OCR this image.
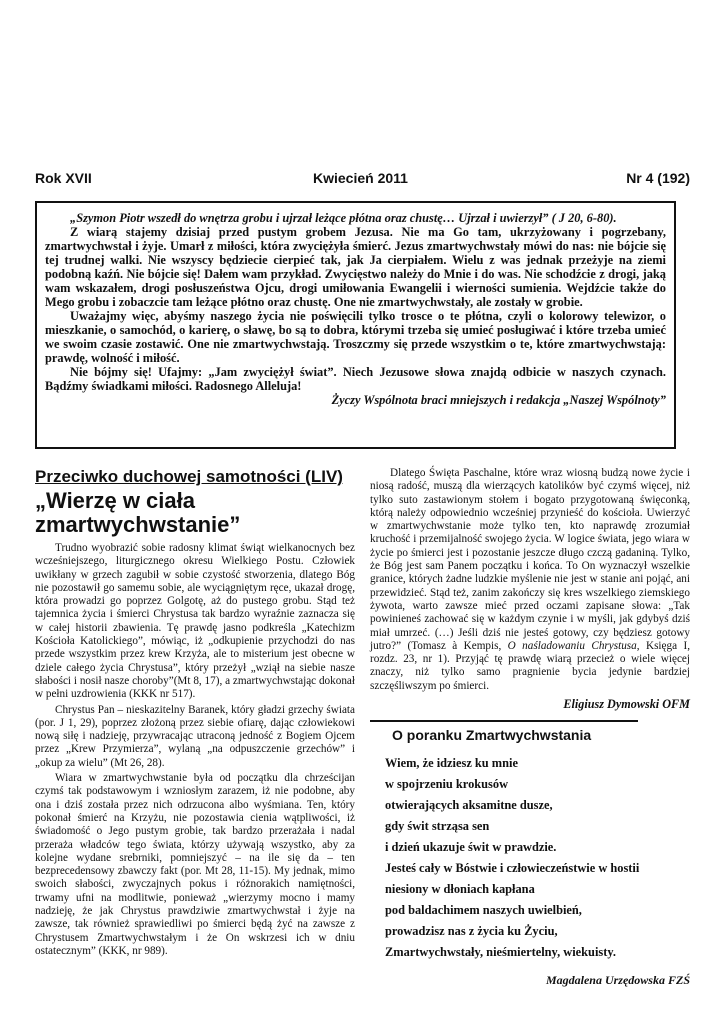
Rok XVII	Kwiecień 2011	Nr 4 (192)

„Szymon Piotr wszedł do wnętrza grobu i ujrzał leżące płótna oraz chustę… Ujrzał i uwierzył” ( J 20, 6-80).

Z wiarą stajemy dzisiaj przed pustym grobem Jezusa. Nie ma Go tam, ukrzyżowany i pogrzebany, zmartwychwstał i żyje. Umarł z miłości, która zwyciężyła śmierć. Jezus zmartwychwstały mówi do nas: nie bójcie się tej trudnej walki. Nie wszyscy będziecie cierpieć tak, jak Ja cierpiałem. Wielu z was jednak przeżyje na ziemi podobną kaźń. Nie bójcie się! Dałem wam przykład. Zwycięstwo należy do Mnie i do was. Nie schodźcie z drogi, jaką wam wskazałem, drogi posłuszeństwa Ojcu, drogi umiłowania Ewangelii i wierności sumienia. Wejdźcie także do Mego grobu i zobaczcie tam leżące płótno oraz chustę. One nie zmartwychwstały, ale zostały w grobie.

Uważajmy więc, abyśmy naszego życia nie poświęcili tylko trosce o te płótna, czyli o kolorowy telewizor, o mieszkanie, o samochód, o karierę, o sławę, bo są to dobra, którymi trzeba się umieć posługiwać i które trzeba umieć we swoim czasie zostawić. One nie zmartwychwstają. Troszczmy się przede wszystkim o te, które zmartwychwstają: prawdę, wolność i miłość.

Nie bójmy się! Ufajmy: „Jam zwyciężył świat”. Niech Jezusowe słowa znajdą odbicie w naszych czynach. Bądźmy świadkami miłości. Radosnego Alleluja!

Życzy Wspólnota braci mniejszych i redakcja „Naszej Wspólnoty”

Przeciwko duchowej samotności (LIV)
„Wierzę w ciała zmartwychwstanie”

Trudno wyobrazić sobie radosny klimat świąt wielkanocnych bez wcześniejszego, liturgicznego okresu Wielkiego Postu. Człowiek uwikłany w grzech zagubił w sobie czystość stworzenia, dlatego Bóg nie pozostawił go samemu sobie, ale wyciągniętym ręce, ukazał drogę, która prowadzi go poprzez Golgotę, aż do pustego grobu. Stąd też tajemnica życia i śmierci Chrystusa tak bardzo wyraźnie zaznacza się w całej historii zbawienia. Tę prawdę jasno podkreśla „Katechizm Kościoła Katolickiego”, mówiąc, iż „odkupienie przychodzi do nas przede wszystkim przez krew Krzyża, ale to misterium jest obecne w dziele całego życia Chrystusa”, który przeżył „wziął na siebie nasze słabości i nosił nasze choroby”(Mt 8, 17), a zmartwychwstając dokonał w pełni uzdrowienia (KKK nr 517).

Chrystus Pan – nieskazitelny Baranek, który gładzi grzechy świata (por. J 1, 29), poprzez złożoną przez siebie ofiarę, dając człowiekowi nową siłę i nadzieję, przywracając utraconą jedność z Bogiem Ojcem przez „Krew Przymierza”, wylaną „na odpuszczenie grzechów” i „okup za wielu” (Mt 26, 28).

Wiara w zmartwychwstanie była od początku dla chrześcijan czymś tak podstawowym i wzniosłym zarazem, iż nie podobne, aby ona i dziś została przez nich odrzucona albo wyśmiana. Ten, który pokonał śmierć na Krzyżu, nie pozostawia cienia wątpliwości, iż świadomość o Jego pustym grobie, tak bardzo przerażała i nadal przeraża władców tego świata, którzy używają wszystko, aby za kolejne wydane srebrniki, pomniejszyć – na ile się da – ten bezprecedensowy zbawczy fakt (por. Mt 28, 11-15). My jednak, mimo swoich słabości, zwyczajnych pokus i różnorakich namiętności, trwamy ufni na modlitwie, ponieważ „wierzymy mocno i mamy nadzieję, że jak Chrystus prawdziwie zmartwychwstał i żyje na zawsze, tak również sprawiedliwi po śmierci będą żyć na zawsze z Chrystusem Zmartwychwstałym i że On wskrzesi ich w dniu ostatecznym” (KKK, nr 989).

Dlatego Święta Paschalne, które wraz wiosną budzą nowe życie i niosą radość, muszą dla wierzących katolików być czymś więcej, niż tylko suto zastawionym stołem i bogato przygotowaną święconką, którą należy odpowiednio wcześniej przynieść do kościoła. Uwierzyć w zmartwychwstanie może tylko ten, kto naprawdę zrozumiał kruchość i przemijalność swojego życia. W logice świata, jego wiara w życie po śmierci jest i pozostanie jeszcze długo czczą gadaniną. Tylko, że Bóg jest sam Panem początku i końca. To On wyznaczył wszelkie granice, których żadne ludzkie myślenie nie jest w stanie ani pojąć, ani przewidzieć. Stąd też, zanim zakończy się kres wszelkiego ziemskiego żywota, warto zawsze mieć przed oczami zapisane słowa: „Tak powinieneś zachować się w każdym czynie i w myśli, jak gdybyś dziś miał umrzeć. (…) Jeśli dziś nie jesteś gotowy, czy będziesz gotowy jutro?” (Tomasz à Kempis, O naśladowaniu Chrystusa, Księga I, rozdz. 23, nr 1). Przyjąć tę prawdę wiarą przecież o wiele więcej znaczy, niż tylko samo pragnienie bycia jedynie bardziej szczęśliwszym po śmierci.

Eligiusz Dymowski OFM
O poranku Zmartwychwstania
Wiem, że idziesz ku mnie
w spojrzeniu krokusów
otwierających aksamitne dusze,
gdy świt strząsa sen
i dzień ukazuje świt w prawdzie.
Jesteś cały w Bóstwie i człowieczeństwie w hostii
niesiony w dłoniach kapłana
pod baldachimem naszych uwielbień,
prowadzisz nas z życia ku Życiu,
Zmartwychwstały, nieśmiertelny, wiekuisty.
Magdalena Urzędowska FZŚ
